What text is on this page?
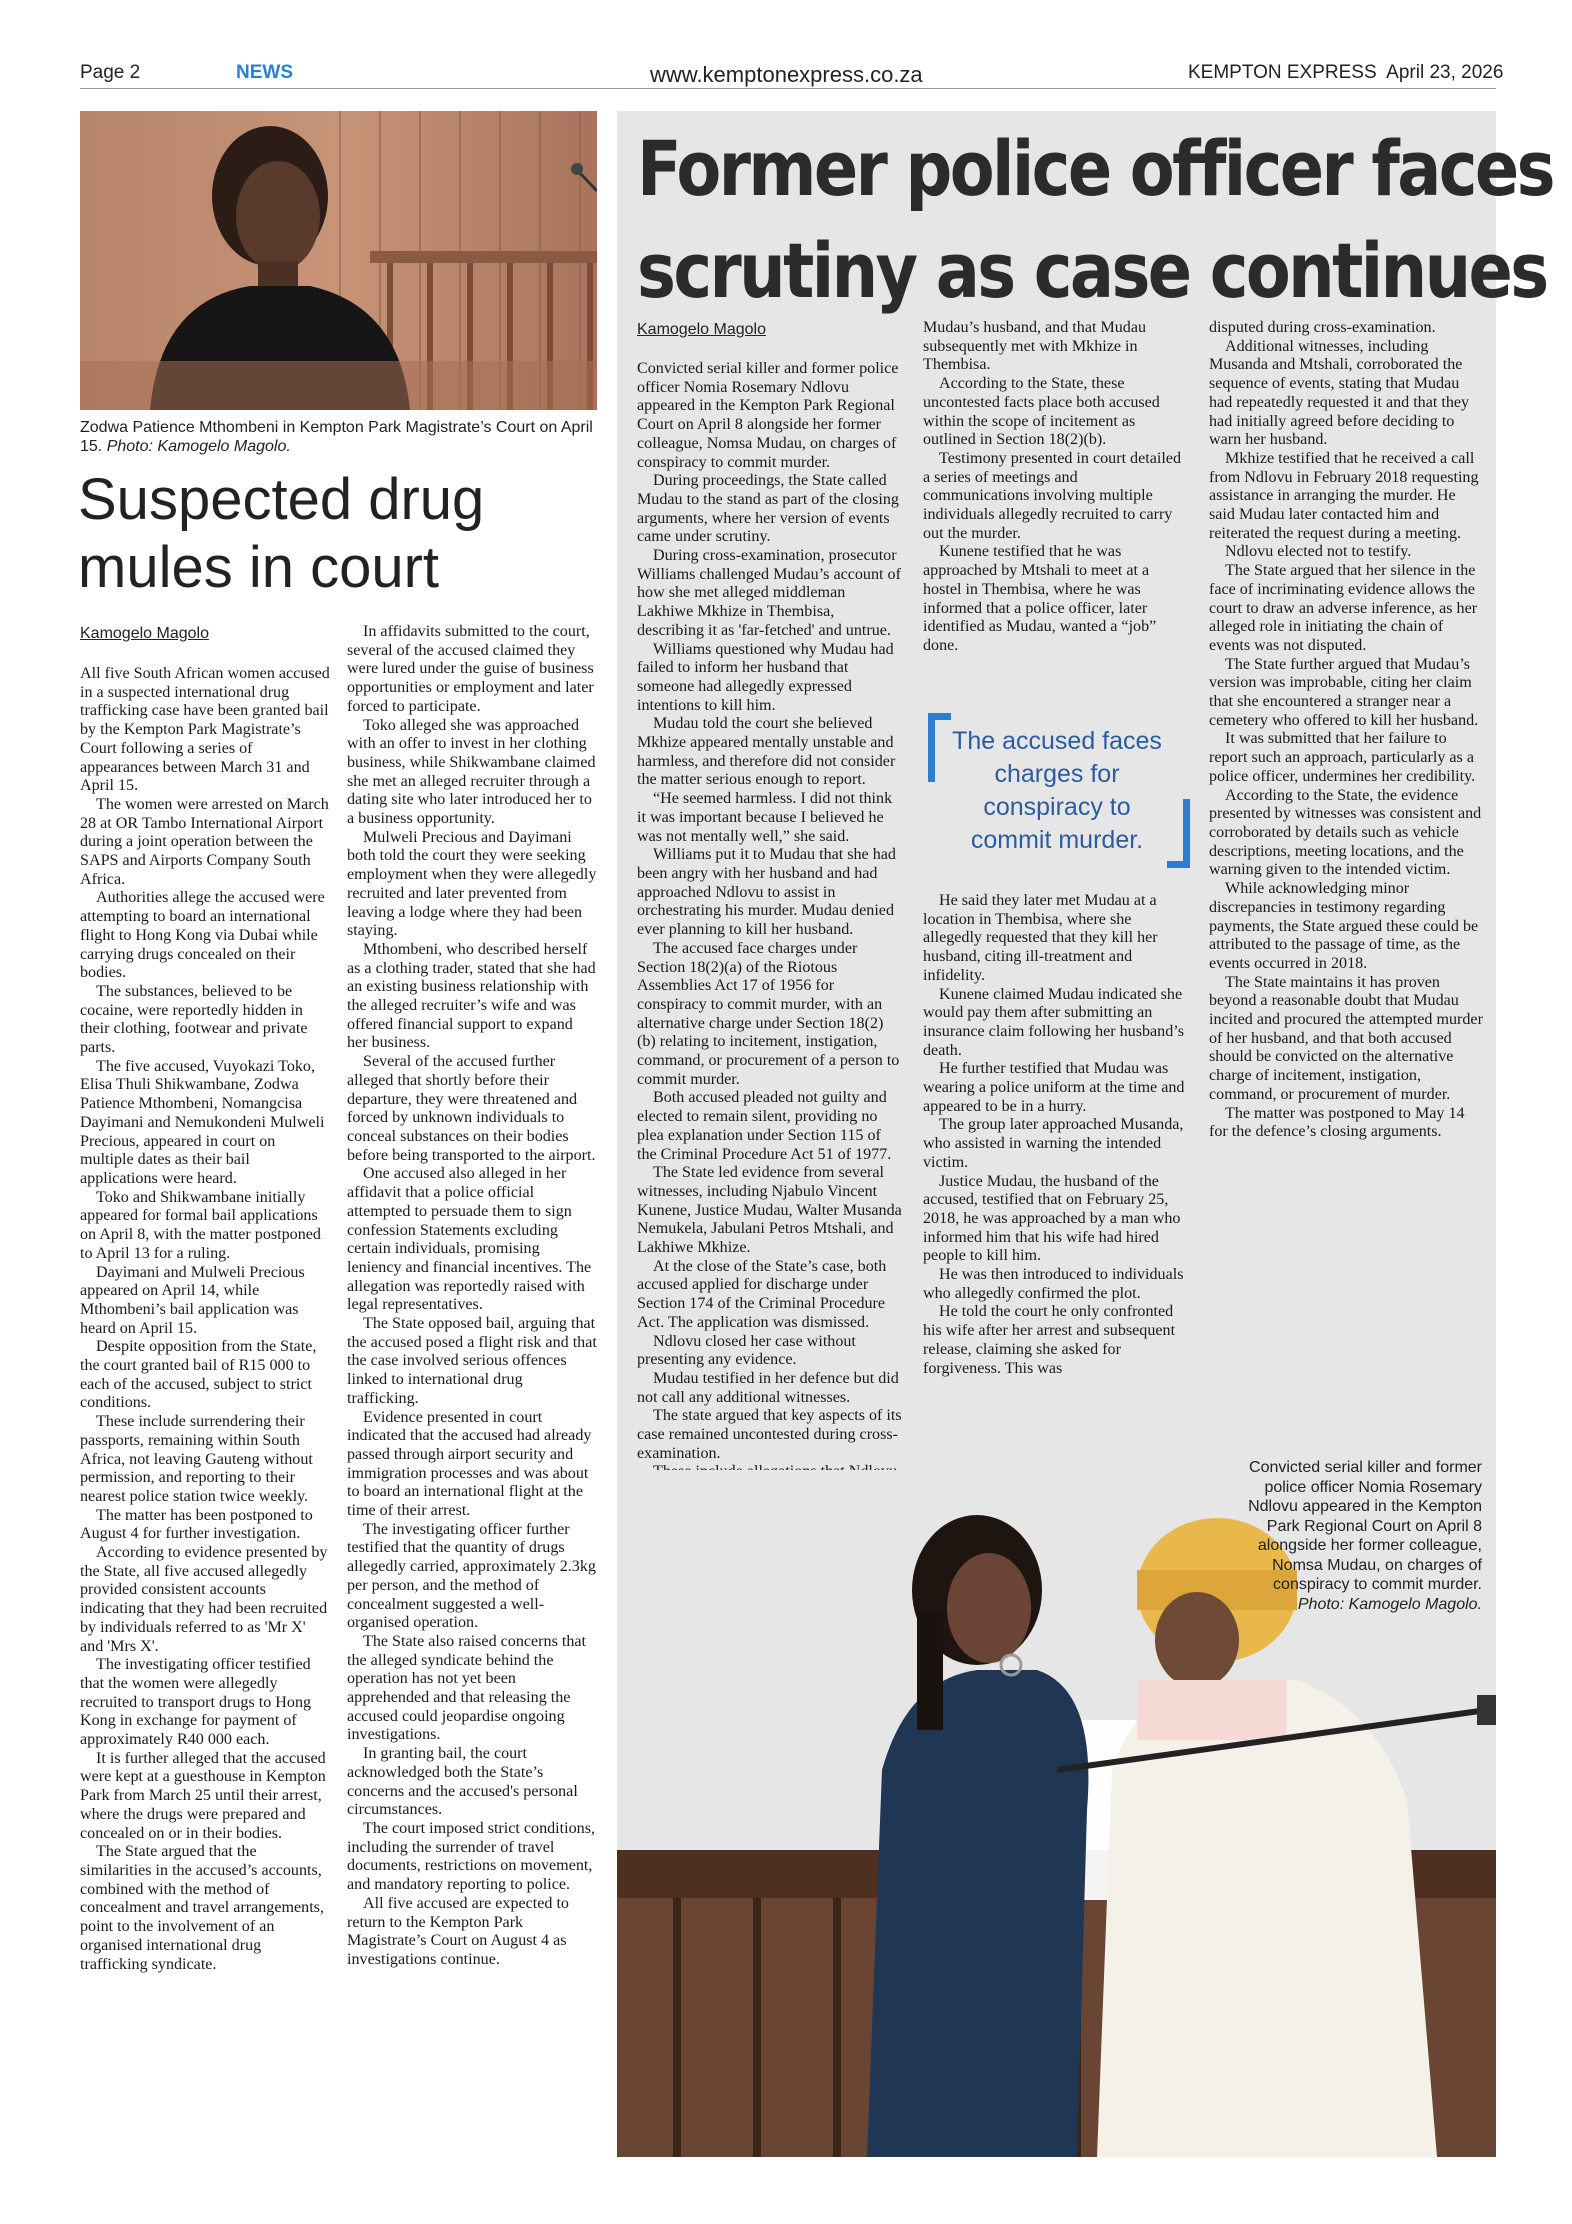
Page 2	NEWS	www.kemptonexpress.co.za	KEMPTON EXPRESS April 23, 2026
Zodwa Patience Mthombeni in Kempton Park Magistrate’s Court on April 15. Photo: Kamogelo Magolo.
Suspected drug
mules in court
Kamogelo Magolo

All five South African women accused in a suspected international drug trafficking case have been granted bail by the Kempton Park Magistrate’s Court following a series of appearances between March 31 and April 15.

The women were arrested on March 28 at OR Tambo International Airport during a joint operation between the SAPS and Airports Company South Africa.

Authorities allege the accused were attempting to board an international flight to Hong Kong via Dubai while carrying drugs concealed on their bodies.

The substances, believed to be cocaine, were reportedly hidden in their clothing, footwear and private parts.

The five accused, Vuyokazi Toko, Elisa Thuli Shikwambane, Zodwa Patience Mthombeni, Nomangcisa Dayimani and Nemukondeni Mulweli Precious, appeared in court on multiple dates as their bail applications were heard.

Toko and Shikwambane initially appeared for formal bail applications on April 8, with the matter postponed to April 13 for a ruling.

Dayimani and Mulweli Precious appeared on April 14, while Mthombeni’s bail application was heard on April 15.

Despite opposition from the State, the court granted bail of R15 000 to each of the accused, subject to strict conditions.

These include surrendering their passports, remaining within South Africa, not leaving Gauteng without permission, and reporting to their nearest police station twice weekly.

The matter has been postponed to August 4 for further investigation.

According to evidence presented by the State, all five accused allegedly provided consistent accounts indicating that they had been recruited by individuals referred to as 'Mr X' and 'Mrs X'.

The investigating officer testified that the women were allegedly recruited to transport drugs to Hong Kong in exchange for payment of approximately R40 000 each.

It is further alleged that the accused were kept at a guesthouse in Kempton Park from March 25 until their arrest, where the drugs were prepared and concealed on or in their bodies.

The State argued that the similarities in the accused’s accounts, combined with the method of concealment and travel arrangements, point to the involvement of an organised international drug trafficking syndicate.

In affidavits submitted to the court, several of the accused claimed they were lured under the guise of business opportunities or employment and later forced to participate.

Toko alleged she was approached with an offer to invest in her clothing business, while Shikwambane claimed she met an alleged recruiter through a dating site who later introduced her to a business opportunity.

Mulweli Precious and Dayimani both told the court they were seeking employment when they were allegedly recruited and later prevented from leaving a lodge where they had been staying.

Mthombeni, who described herself as a clothing trader, stated that she had an existing business relationship with the alleged recruiter’s wife and was offered financial support to expand her business.

Several of the accused further alleged that shortly before their departure, they were threatened and forced by unknown individuals to conceal substances on their bodies before being transported to the airport.

One accused also alleged in her affidavit that a police official attempted to persuade them to sign confession Statements excluding certain individuals, promising leniency and financial incentives. The allegation was reportedly raised with legal representatives.

The State opposed bail, arguing that the accused posed a flight risk and that the case involved serious offences linked to international drug trafficking.

Evidence presented in court indicated that the accused had already passed through airport security and immigration processes and was about to board an international flight at the time of their arrest.

The investigating officer further testified that the quantity of drugs allegedly carried, approximately 2.3kg per person, and the method of concealment suggested a well-organised operation.

The State also raised concerns that the alleged syndicate behind the operation has not yet been apprehended and that releasing the accused could jeopardise ongoing investigations.

In granting bail, the court acknowledged both the State’s concerns and the accused's personal circumstances.

The court imposed strict conditions, including the surrender of travel documents, restrictions on movement, and mandatory reporting to police.

All five accused are expected to return to the Kempton Park Magistrate’s Court on August 4 as investigations continue.

Former police officer faces
scrutiny as case continues
Kamogelo Magolo

Convicted serial killer and former police officer Nomia Rosemary Ndlovu appeared in the Kempton Park Regional Court on April 8 alongside her former colleague, Nomsa Mudau, on charges of conspiracy to commit murder.

During proceedings, the State called Mudau to the stand as part of the closing arguments, where her version of events came under scrutiny.

During cross-examination, prosecutor Williams challenged Mudau’s account of how she met alleged middleman Lakhiwe Mkhize in Thembisa, describing it as 'far-fetched' and untrue.

Williams questioned why Mudau had failed to inform her husband that someone had allegedly expressed intentions to kill him.

Mudau told the court she believed Mkhize appeared mentally unstable and harmless, and therefore did not consider the matter serious enough to report.

“He seemed harmless. I did not think it was important because I believed he was not mentally well,” she said.

Williams put it to Mudau that she had been angry with her husband and had approached Ndlovu to assist in orchestrating his murder. Mudau denied ever planning to kill her husband.

The accused face charges under Section 18(2)(a) of the Riotous Assemblies Act 17 of 1956 for conspiracy to commit murder, with an alternative charge under Section 18(2)(b) relating to incitement, instigation, command, or procurement of a person to commit murder.

Both accused pleaded not guilty and elected to remain silent, providing no plea explanation under Section 115 of the Criminal Procedure Act 51 of 1977.

The State led evidence from several witnesses, including Njabulo Vincent Kunene, Justice Mudau, Walter Musanda Nemukela, Jabulani Petros Mtshali, and Lakhiwe Mkhize.

At the close of the State’s case, both accused applied for discharge under Section 174 of the Criminal Procedure Act. The application was dismissed.

Ndlovu closed her case without presenting any evidence.

Mudau testified in her defence but did not call any additional witnesses.

The state argued that key aspects of its case remained uncontested during cross-examination.

Mudau’s husband, and that Mudau subsequently met with Mkhize in Thembisa.

According to the State, these uncontested facts place both accused within the scope of incitement as outlined in Section 18(2)(b).

Testimony presented in court detailed a series of meetings and communications involving multiple individuals allegedly recruited to carry out the murder.

Kunene testified that he was approached by Mtshali to meet at a hostel in Thembisa, where he was informed that a police officer, later identified as Mudau, wanted a “job” done.

The accused faces charges for conspiracy to commit murder.

He said they later met Mudau at a location in Thembisa, where she allegedly requested that they kill her husband, citing ill-treatment and infidelity.

Kunene claimed Mudau indicated she would pay them after submitting an insurance claim following her husband’s death.

He further testified that Mudau was wearing a police uniform at the time and appeared to be in a hurry.

The group later approached Musanda, who assisted in warning the intended victim.

Justice Mudau, the husband of the accused, testified that on February 25, 2018, he was approached by a man who informed him that his wife had hired people to kill him.

He was then introduced to individuals who allegedly confirmed the plot.

He told the court he only confronted his wife after her arrest and subsequent release, claiming she asked for forgiveness. This was

disputed during cross-examination.

Additional witnesses, including Musanda and Mtshali, corroborated the sequence of events, stating that Mudau had repeatedly requested it and that they had initially agreed before deciding to warn her husband.

Mkhize testified that he received a call from Ndlovu in February 2018 requesting assistance in arranging the murder. He said Mudau later contacted him and reiterated the request during a meeting.

Ndlovu elected not to testify.

The State argued that her silence in the face of incriminating evidence allows the court to draw an adverse inference, as her alleged role in initiating the chain of events was not disputed.

The State further argued that Mudau’s version was improbable, citing her claim that she encountered a stranger near a cemetery who offered to kill her husband.

It was submitted that her failure to report such an approach, particularly as a police officer, undermines her credibility.

According to the State, the evidence presented by witnesses was consistent and corroborated by details such as vehicle descriptions, meeting locations, and the warning given to the intended victim.

While acknowledging minor discrepancies in testimony regarding payments, the State argued these could be attributed to the passage of time, as the events occurred in 2018.

The State maintains it has proven beyond a reasonable doubt that Mudau incited and procured the attempted murder of her husband, and that both accused should be convicted on the alternative charge of incitement, instigation, command, or procurement of murder.

The matter was postponed to May 14 for the defence’s closing arguments.

Convicted serial killer and former police officer Nomia Rosemary Ndlovu appeared in the Kempton Park Regional Court on April 8 alongside her former colleague, Nomsa Mudau, on charges of conspiracy to commit murder. Photo: Kamogelo Magolo.
